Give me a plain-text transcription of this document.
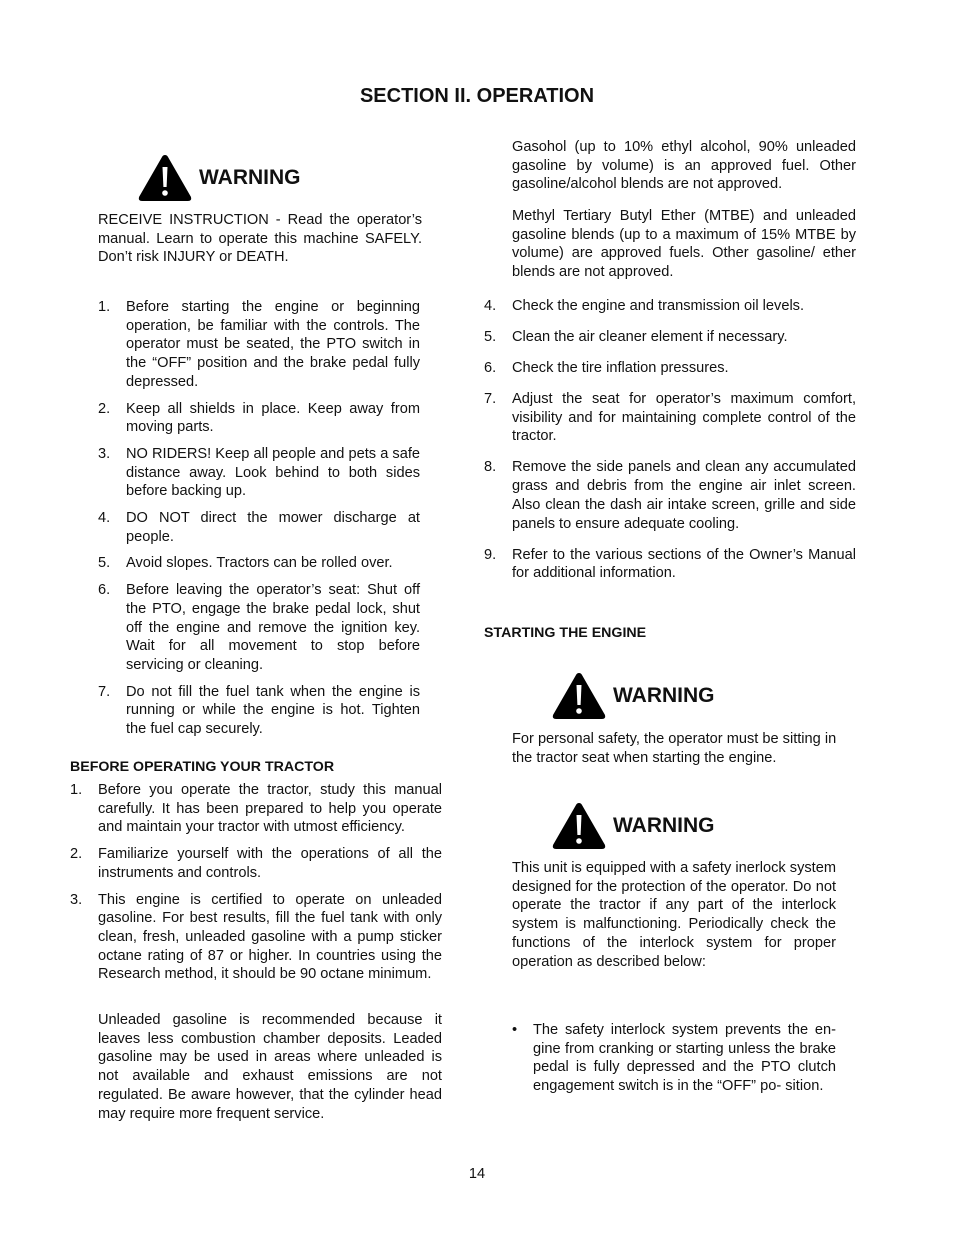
SECTION II. OPERATION
WARNING

RECEIVE INSTRUCTION - Read the operator’s manual. Learn to operate this machine SAFELY. Don’t risk INJURY or DEATH.

1. Before starting the engine or beginning operation, be familiar with the controls. The operator must be seated, the PTO switch in the “OFF” position and the brake pedal fully depressed.
2. Keep all shields in place. Keep away from moving parts.
3. NO RIDERS! Keep all people and pets a safe distance away. Look behind to both sides before backing up.
4. DO NOT direct the mower discharge at people.
5. Avoid slopes. Tractors can be rolled over.
6. Before leaving the operator’s seat: Shut off the PTO, engage the brake pedal lock, shut off the engine and remove the ignition key. Wait for all movement to stop before servicing or cleaning.
7. Do not fill the fuel tank when the engine is running or while the engine is hot. Tighten the fuel cap securely.
BEFORE OPERATING YOUR TRACTOR
1. Before you operate the tractor, study this manual carefully. It has been prepared to help you operate and maintain your tractor with utmost efficiency.
2. Familiarize yourself with the operations of all the instruments and controls.
3. This engine is certified to operate on unleaded gasoline. For best results, fill the fuel tank with only clean, fresh, unleaded gasoline with a pump sticker octane rating of 87 or higher. In countries using the Research method, it should be 90 octane minimum.

Unleaded gasoline is recommended because it leaves less combustion chamber deposits. Leaded gasoline may be used in areas where unleaded is not available and exhaust emissions are not regulated. Be aware however, that the cylinder head may require more frequent service.

Gasohol (up to 10% ethyl alcohol, 90% unleaded gasoline by volume) is an approved fuel. Other gasoline/alcohol blends are not approved.

Methyl Tertiary Butyl Ether (MTBE) and unleaded gasoline blends (up to a maximum of 15% MTBE by volume) are approved fuels. Other gasoline/ ether blends are not approved.

4. Check the engine and transmission oil levels.
5. Clean the air cleaner element if necessary.
6. Check the tire inflation pressures.
7. Adjust the seat for operator’s maximum comfort, visibility and for maintaining complete control of the tractor.
8. Remove the side panels and clean any accumulated grass and debris from the engine air inlet screen. Also clean the dash air intake screen, grille and side panels to ensure adequate cooling.
9. Refer to the various sections of the Owner’s Manual for additional information.
STARTING THE ENGINE
WARNING

For personal safety, the operator must be sitting in the tractor seat when starting the engine.

WARNING

This unit is equipped with a safety inerlock system designed for the protection of the operator. Do not operate the tractor if any part of the interlock system is malfunctioning. Periodically check the functions of the interlock system for proper operation as described below:

• The safety interlock system prevents the en- gine from cranking or starting unless the brake pedal is fully depressed and the PTO clutch engagement switch is in the “OFF” po- sition.

14
